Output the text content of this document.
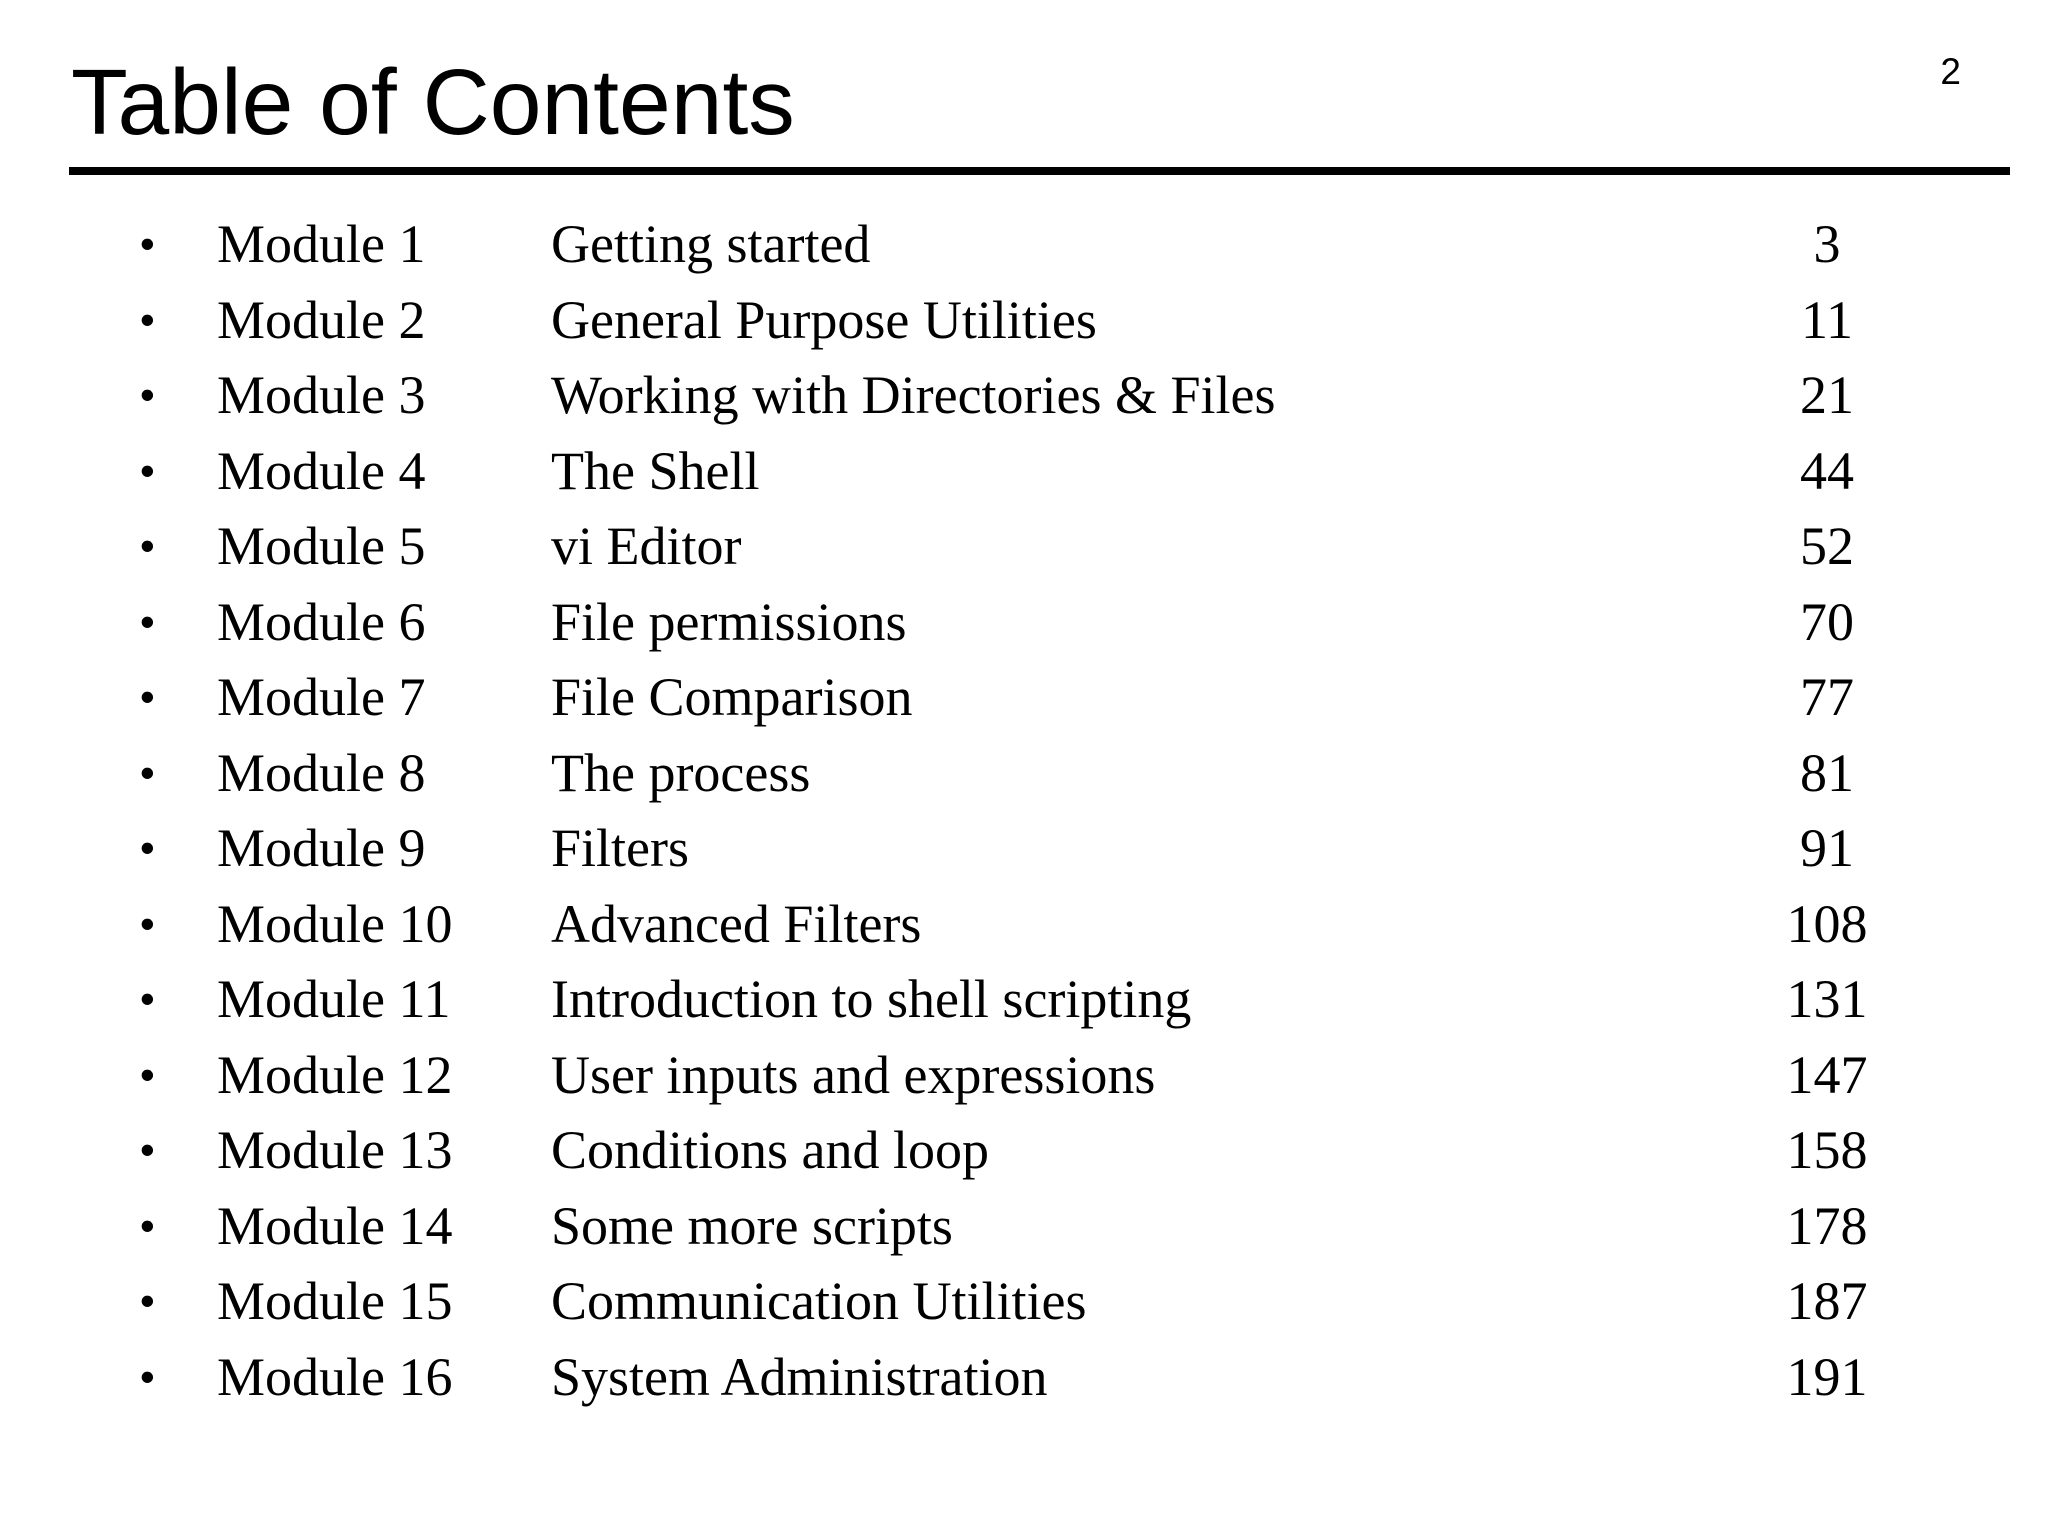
Table of Contents	2
• Module 1 Getting started	3
• Module 2 General Purpose Utilities	11
• Module 3 Working with Directories & Files	21
• Module 4 The Shell	44
• Module 5 vi Editor	52
• Module 6 File permissions	70
• Module 7 File Comparison	77
• Module 8 The process	81
• Module 9 Filters	91
• Module 10 Advanced Filters	108
• Module 11 Introduction to shell scripting	131
• Module 12 User inputs and expressions	147
• Module 13 Conditions and loop	158
• Module 14 Some more scripts	178
• Module 15 Communication Utilities	187
• Module 16 System Administration	191
